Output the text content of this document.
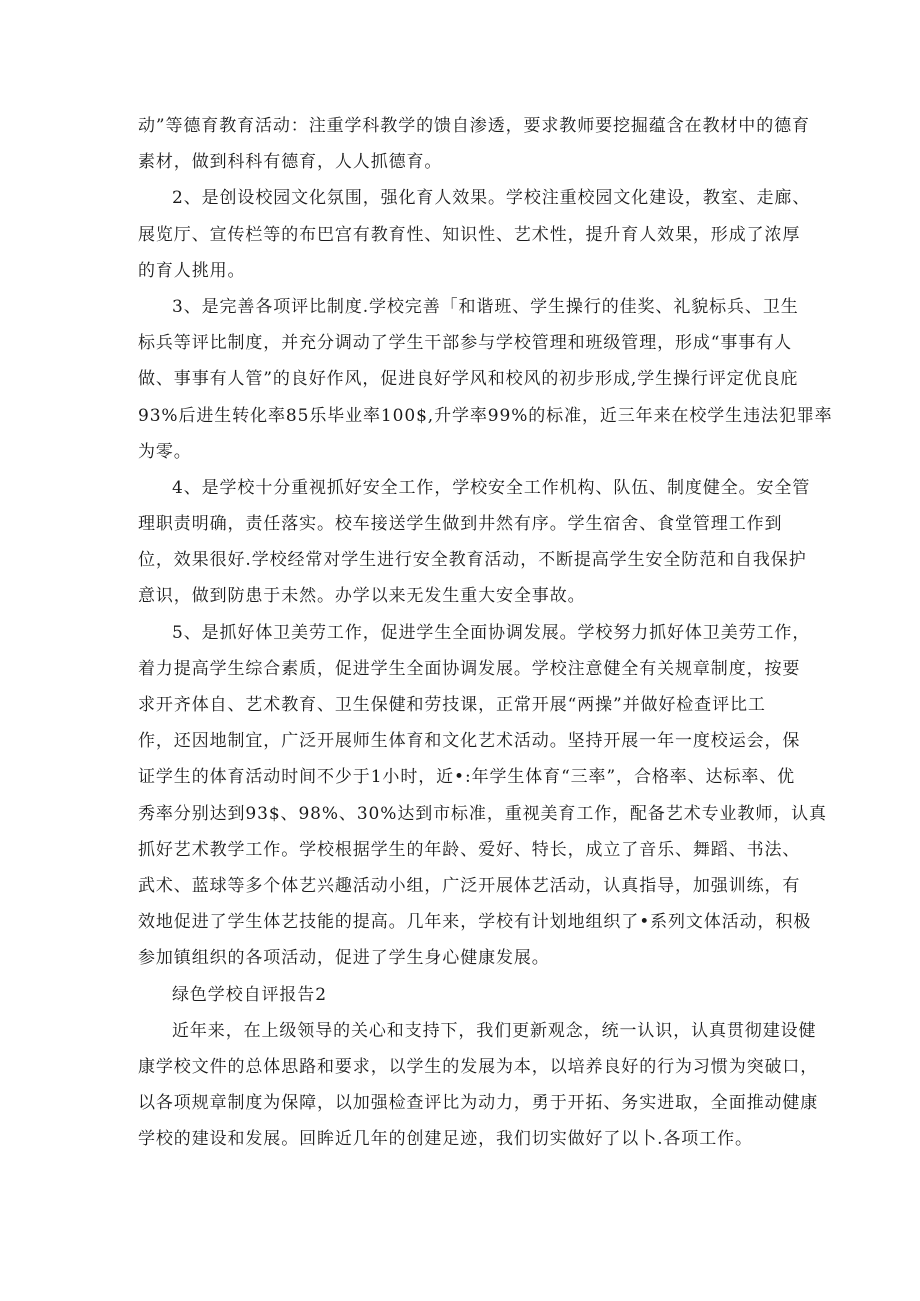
动”等德育教育活动：注重学科教学的馈自渗透，要求教师要挖掘蕴含在教材中的德育
素材，做到科科有德育，人人抓德育。
2、是创设校园文化氛围，强化育人效果。学校注重校园文化建设，教室、走廊、
展览厅、宣传栏等的布巴宫有教育性、知识性、艺术性，提升育人效果，形成了浓厚
的育人挑用。
3、是完善各项评比制度.学校完善「和谐班、学生操行的佳奖、礼貌标兵、卫生
标兵等评比制度，并充分调动了学生干部参与学校管理和班级管理，形成“事事有人
做、事事有人管”的良好作风，促进良好学风和校风的初步形成,学生操行评定优良庇
93%后进生转化率85乐毕业率100$,升学率99%的标准，近三年来在校学生违法犯罪率
为零。
4、是学校十分重视抓好安全工作，学校安全工作机构、队伍、制度健全。安全管
理职责明确，责任落实。校车接送学生做到井然有序。学生宿舍、食堂管理工作到
位，效果很好.学校经常对学生进行安全教育活动，不断提高学生安全防范和自我保护
意识，做到防患于未然。办学以来无发生重大安全事故。
5、是抓好体卫美劳工作，促进学生全面协调发展。学校努力抓好体卫美劳工作，
着力提高学生综合素质，促进学生全面协调发展。学校注意健全有关规章制度，按要
求开齐体自、艺术教育、卫生保健和劳技课，正常开展“两操”并做好检查评比工
作，还因地制宜，广泛开展师生体育和文化艺术活动。坚持开展一年一度校运会，保
证学生的体育活动时间不少于1小时，近•:年学生体育“三率”，合格率、达标率、优
秀率分别达到93$、98%、30%达到市标准，重视美育工作，配备艺术专业教师，认真
抓好艺术教学工作。学校根据学生的年龄、爱好、特长，成立了音乐、舞蹈、书法、
武术、蓝球等多个体艺兴趣活动小组，广泛开展体艺活动，认真指导，加强训练，有
效地促进了学生体艺技能的提高。几年来，学校有计划地组织了•系列文体活动，积极
参加镇组织的各项活动，促进了学生身心健康发展。
绿色学校自评报告2
近年来，在上级领导的关心和支持下，我们更新观念，统一认识，认真贯彻建设健
康学校文件的总体思路和要求，以学生的发展为本，以培养良好的行为习惯为突破口，
以各项规章制度为保障，以加强检查评比为动力，勇于开拓、务实进取，全面推动健康
学校的建设和发展。回眸近几年的创建足迹，我们切实做好了以卜.各项工作。
